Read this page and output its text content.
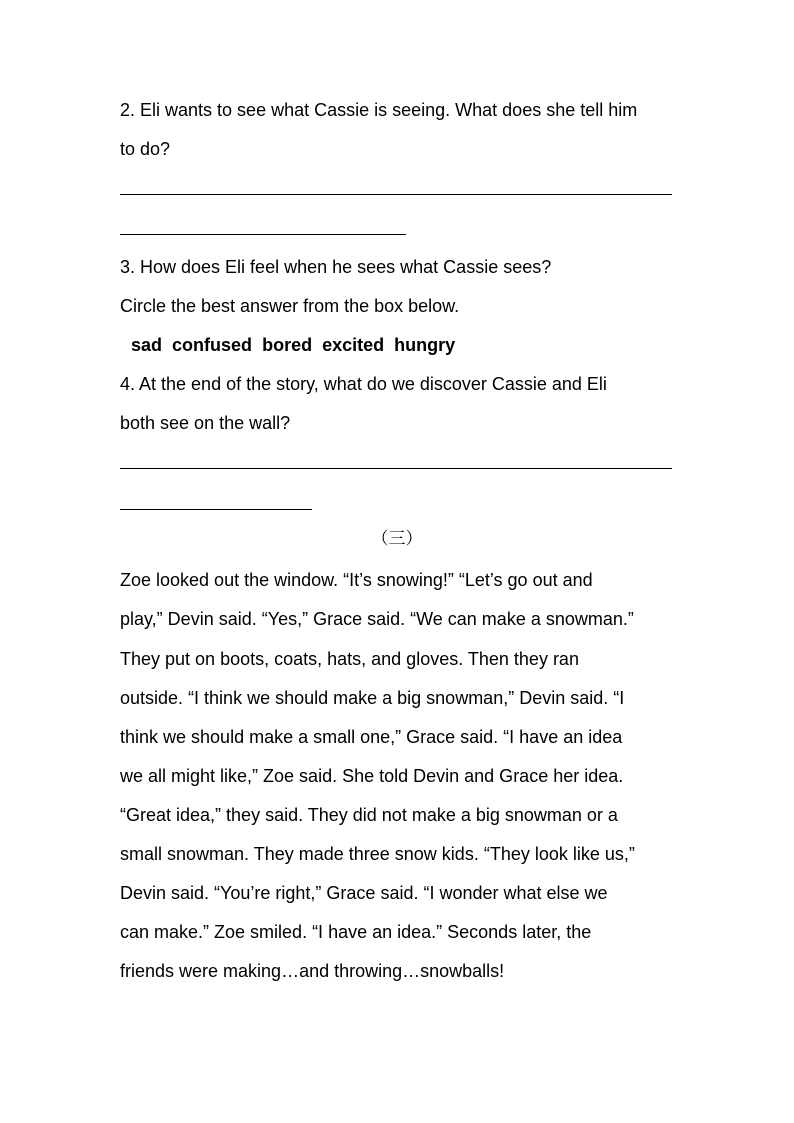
2. Eli wants to see what Cassie is seeing. What does she tell him
to do?
3. How does Eli feel when he sees what Cassie sees?
Circle the best answer from the box below.
sad confused bored excited hungry
4. At the end of the story, what do we discover Cassie and Eli
both see on the wall?
（三）
Zoe looked out the window. “It’s snowing!” “Let’s go out and
play,” Devin said. “Yes,” Grace said. “We can make a snowman.”
They put on boots, coats, hats, and gloves. Then they ran
outside. “I think we should make a big snowman,” Devin said. “I
think we should make a small one,” Grace said. “I have an idea
we all might like,” Zoe said. She told Devin and Grace her idea.
“Great idea,” they said. They did not make a big snowman or a
small snowman. They made three snow kids. “They look like us,”
Devin said. “You’re right,” Grace said. “I wonder what else we
can make.” Zoe smiled. “I have an idea.” Seconds later, the
friends were making…and throwing…snowballs!
